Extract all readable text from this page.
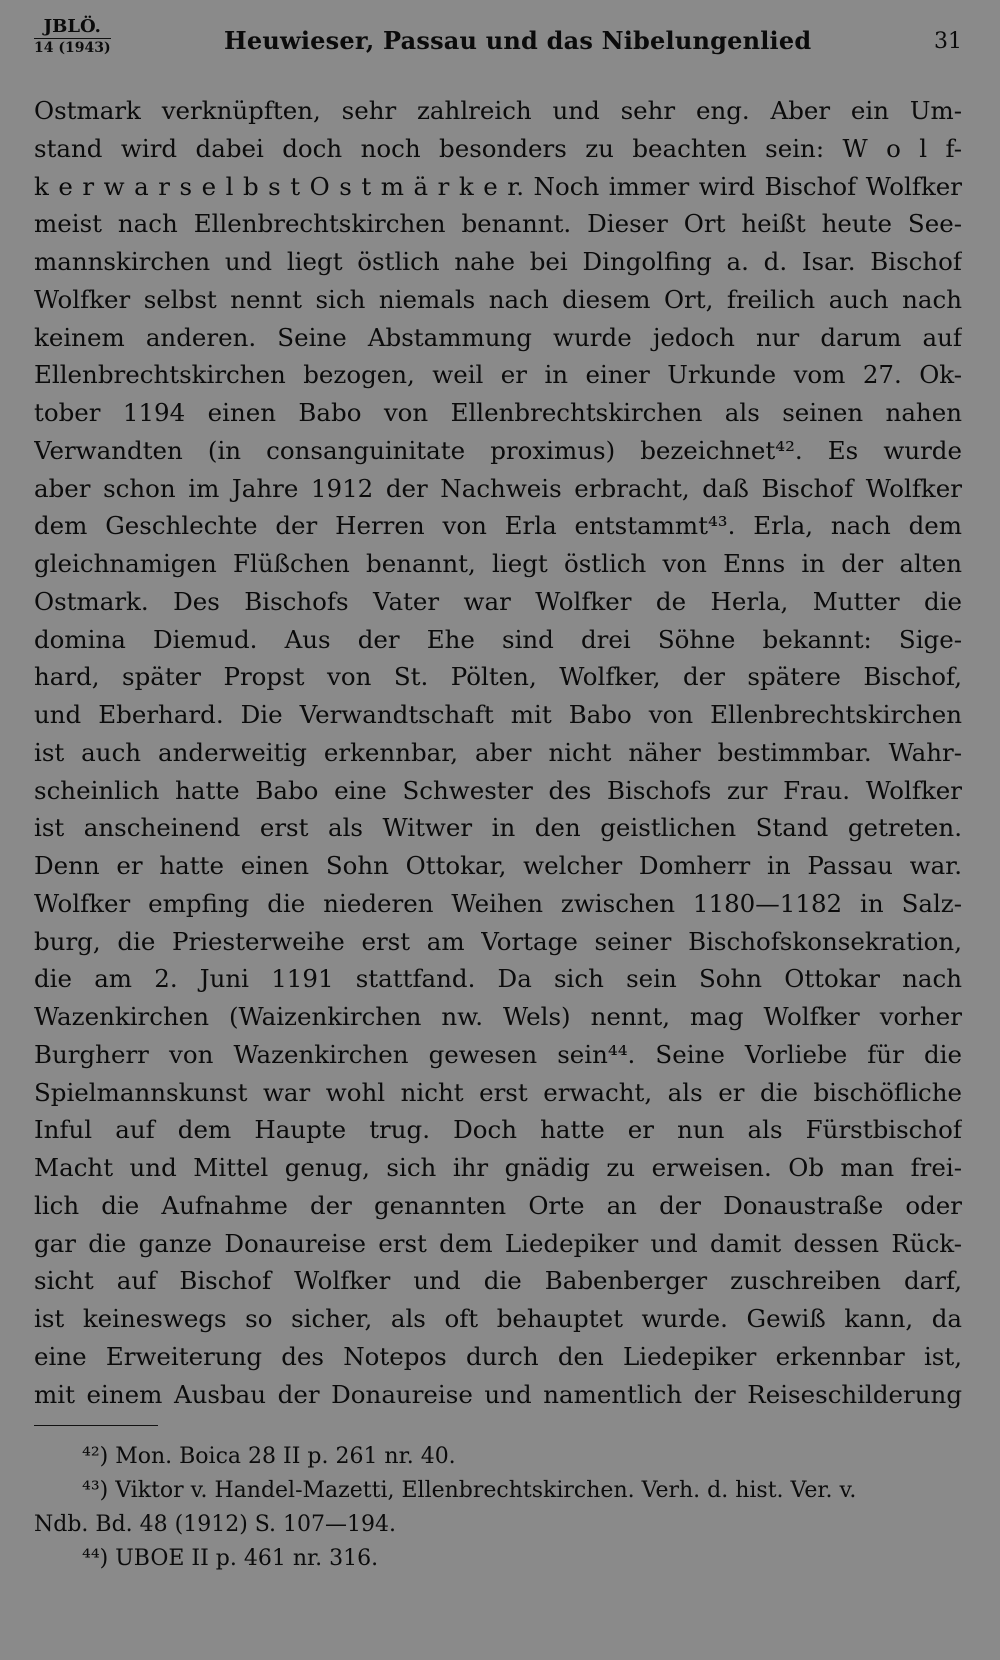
JBLÖ.
14 (1943)	Heuwieser, Passau und das Nibelungenlied	31
Ostmark verknüpften, sehr zahlreich und sehr eng. Aber ein Um-
stand wird dabei doch noch besonders zu beachten sein: W o l f-
k e r w a r s e l b s t O s t m ä r k e r. Noch immer wird Bischof Wolfker
meist nach Ellenbrechtskirchen benannt. Dieser Ort heißt heute See-
mannskirchen und liegt östlich nahe bei Dingolfing a. d. Isar. Bischof
Wolfker selbst nennt sich niemals nach diesem Ort, freilich auch nach
keinem anderen. Seine Abstammung wurde jedoch nur darum auf
Ellenbrechtskirchen bezogen, weil er in einer Urkunde vom 27. Ok-
tober 1194 einen Babo von Ellenbrechtskirchen als seinen nahen
Verwandten (in consanguinitate proximus) bezeichnet⁴². Es wurde
aber schon im Jahre 1912 der Nachweis erbracht, daß Bischof Wolfker
dem Geschlechte der Herren von Erla entstammt⁴³. Erla, nach dem
gleichnamigen Flüßchen benannt, liegt östlich von Enns in der alten
Ostmark. Des Bischofs Vater war Wolfker de Herla, Mutter die
domina Diemud. Aus der Ehe sind drei Söhne bekannt: Sige-
hard, später Propst von St. Pölten, Wolfker, der spätere Bischof,
und Eberhard. Die Verwandtschaft mit Babo von Ellenbrechtskirchen
ist auch anderweitig erkennbar, aber nicht näher bestimmbar. Wahr-
scheinlich hatte Babo eine Schwester des Bischofs zur Frau. Wolfker
ist anscheinend erst als Witwer in den geistlichen Stand getreten.
Denn er hatte einen Sohn Ottokar, welcher Domherr in Passau war.
Wolfker empfing die niederen Weihen zwischen 1180—1182 in Salz-
burg, die Priesterweihe erst am Vortage seiner Bischofskonsekration,
die am 2. Juni 1191 stattfand. Da sich sein Sohn Ottokar nach
Wazenkirchen (Waizenkirchen nw. Wels) nennt, mag Wolfker vorher
Burgherr von Wazenkirchen gewesen sein⁴⁴. Seine Vorliebe für die
Spielmannskunst war wohl nicht erst erwacht, als er die bischöfliche
Inful auf dem Haupte trug. Doch hatte er nun als Fürstbischof
Macht und Mittel genug, sich ihr gnädig zu erweisen. Ob man frei-
lich die Aufnahme der genannten Orte an der Donaustraße oder
gar die ganze Donaureise erst dem Liedepiker und damit dessen Rück-
sicht auf Bischof Wolfker und die Babenberger zuschreiben darf,
ist keineswegs so sicher, als oft behauptet wurde. Gewiß kann, da
eine Erweiterung des Notepos durch den Liedepiker erkennbar ist,
mit einem Ausbau der Donaureise und namentlich der Reiseschilderung
⁴²) Mon. Boica 28 II p. 261 nr. 40.
⁴³) Viktor v. Handel-Mazetti, Ellenbrechtskirchen. Verh. d. hist. Ver. v.
Ndb. Bd. 48 (1912) S. 107—194.
⁴⁴) UBOE II p. 461 nr. 316.
